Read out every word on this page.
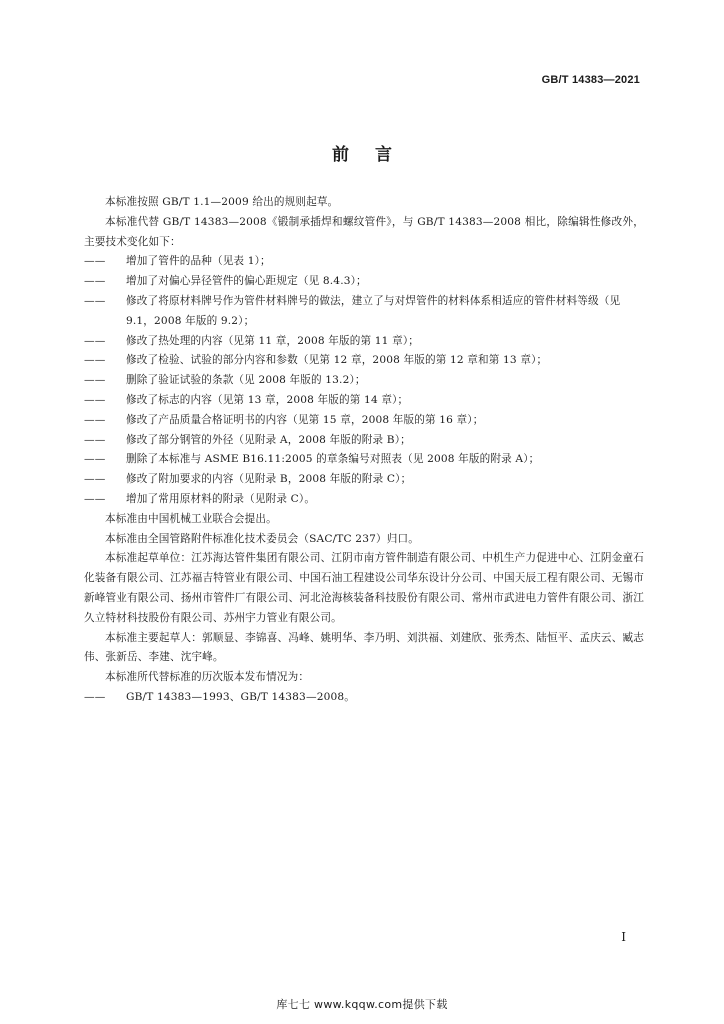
GB/T 14383—2021
前言

本标准按照 GB/T 1.1—2009 给出的规则起草。

本标准代替 GB/T 14383—2008《锻制承插焊和螺纹管件》，与 GB/T 14383—2008 相比，除编辑性修改外，主要技术变化如下：

—— 增加了管件的品种（见表 1）；

—— 增加了对偏心异径管件的偏心距规定（见 8.4.3）；

—— 修改了将原材料牌号作为管件材料牌号的做法，建立了与对焊管件的材料体系相适应的管件材料等级（见 9.1，2008 年版的 9.2）；

—— 修改了热处理的内容（见第 11 章，2008 年版的第 11 章）；

—— 修改了检验、试验的部分内容和参数（见第 12 章，2008 年版的第 12 章和第 13 章）；

—— 删除了验证试验的条款（见 2008 年版的 13.2）；

—— 修改了标志的内容（见第 13 章，2008 年版的第 14 章）；

—— 修改了产品质量合格证明书的内容（见第 15 章，2008 年版的第 16 章）；

—— 修改了部分钢管的外径（见附录 A，2008 年版的附录 B）；

—— 删除了本标准与 ASME B16.11:2005 的章条编号对照表（见 2008 年版的附录 A）；

—— 修改了附加要求的内容（见附录 B，2008 年版的附录 C）；

—— 增加了常用原材料的附录（见附录 C）。

本标准由中国机械工业联合会提出。

本标准由全国管路附件标准化技术委员会（SAC/TC 237）归口。

本标准起草单位：江苏海达管件集团有限公司、江阴市南方管件制造有限公司、中机生产力促进中心、江阴金童石化装备有限公司、江苏福吉特管业有限公司、中国石油工程建设公司华东设计分公司、中国天辰工程有限公司、无锡市新峰管业有限公司、扬州市管件厂有限公司、河北沧海核装备科技股份有限公司、常州市武进电力管件有限公司、浙江久立特材科技股份有限公司、苏州宇力管业有限公司。

本标准主要起草人：郭顺显、李锦喜、冯峰、姚明华、李乃明、刘洪福、刘建欣、张秀杰、陆恒平、孟庆云、臧志伟、张新岳、李建、沈宇峰。

本标准所代替标准的历次版本发布情况为：

—— GB/T 14383—1993、GB/T 14383—2008。

I
库七七 www.kqqw.com提供下载
